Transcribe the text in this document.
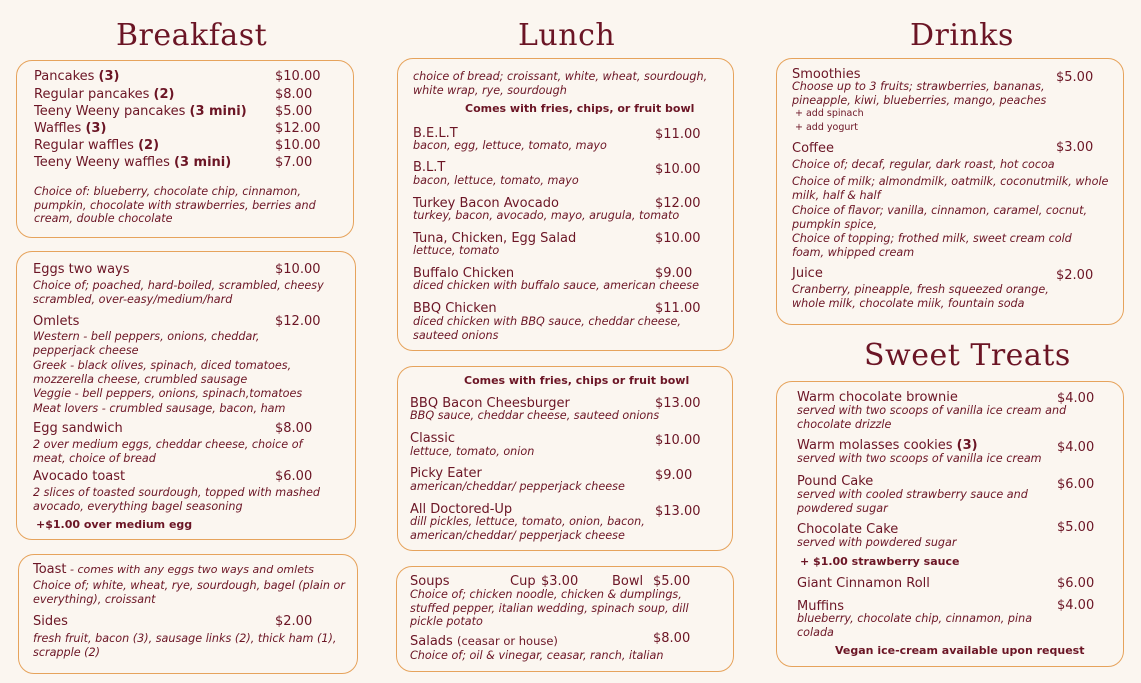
Breakfast	Lunch	Drinks
Sweet Treats
Pancakes (3)	$10.00
Regular pancakes (2)	$8.00
Teeny Weeny pancakes (3 mini) $5.00
Waffles (3)	$12.00
Regular waffles (2)	$10.00
Teeny Weeny waffles (3 mini)	$7.00
Choice of: blueberry, chocolate chip, cinnamon, pumpkin, chocolate with strawberries, berries and cream, double chocolate
Eggs two ways	$10.00
Choice of; poached, hard-boiled, scrambled, cheesy scrambled, over-easy/medium/hard
Omlets	$12.00
Western - bell peppers, onions, cheddar, pepperjack cheese
Greek - black olives, spinach, diced tomatoes, mozzerella cheese, crumbled sausage
Veggie - bell peppers, onions, spinach,tomatoes
Meat lovers - crumbled sausage, bacon, ham
Egg sandwich	$8.00
2 over medium eggs, cheddar cheese, choice of meat, choice of bread
Avocado toast	$6.00
2 slices of toasted sourdough, topped with mashed avocado, everything bagel seasoning
+$1.00 over medium egg
Toast - comes with any eggs two ways and omlets
Choice of; white, wheat, rye, sourdough, bagel (plain or everything), croissant
Sides	$2.00
fresh fruit, bacon (3), sausage links (2), thick ham (1), scrapple (2)
choice of bread; croissant, white, wheat, sourdough, white wrap, rye, sourdough
Comes with fries, chips, or fruit bowl
B.E.L.T	$11.00
bacon, egg, lettuce, tomato, mayo
B.L.T	$10.00
bacon, lettuce, tomato, mayo
Turkey Bacon Avocado	$12.00
turkey, bacon, avocado, mayo, arugula, tomato
Tuna, Chicken, Egg Salad	$10.00
lettuce, tomato
Buffalo Chicken	$9.00
diced chicken with buffalo sauce, american cheese
BBQ Chicken	$11.00
diced chicken with BBQ sauce, cheddar cheese, sauteed onions
Comes with fries, chips or fruit bowl
BBQ Bacon Cheesburger	$13.00
BBQ sauce, cheddar cheese, sauteed onions
Classic	$10.00
lettuce, tomato, onion
Picky Eater	$9.00
american/cheddar/ pepperjack cheese
All Doctored-Up	$13.00
dill pickles, lettuce, tomato, onion, bacon, american/cheddar/ pepperjack cheese
Soups	Cup $3.00	Bowl $5.00
Choice of; chicken noodle, chicken & dumplings, stuffed pepper, italian wedding, spinach soup, dill pickle potato
Salads (ceasar or house)	$8.00
Choice of; oil & vinegar, ceasar, ranch, italian
Smoothies	$5.00
Choose up to 3 fruits; strawberries, bananas, pineapple, kiwi, blueberries, mango, peaches
+ add spinach
+ add yogurt
Coffee	$3.00
Choice of; decaf, regular, dark roast, hot cocoa
Choice of milk; almondmilk, oatmilk, coconutmilk, whole milk, half & half
Choice of flavor; vanilla, cinnamon, caramel, cocnut, pumpkin spice,
Choice of topping; frothed milk, sweet cream cold foam, whipped cream
Juice	$2.00
Cranberry, pineapple, fresh squeezed orange, whole milk, chocolate miik, fountain soda
Warm chocolate brownie	$4.00
served with two scoops of vanilla ice cream and chocolate drizzle
Warm molasses cookies (3)	$4.00
served with two scoops of vanilla ice cream
Pound Cake	$6.00
served with cooled strawberry sauce and powdered sugar
Chocolate Cake	$5.00
served with powdered sugar
+ $1.00 strawberry sauce
Giant Cinnamon Roll	$6.00
Muffins	$4.00
blueberry, chocolate chip, cinnamon, pina colada
Vegan ice-cream available upon request
